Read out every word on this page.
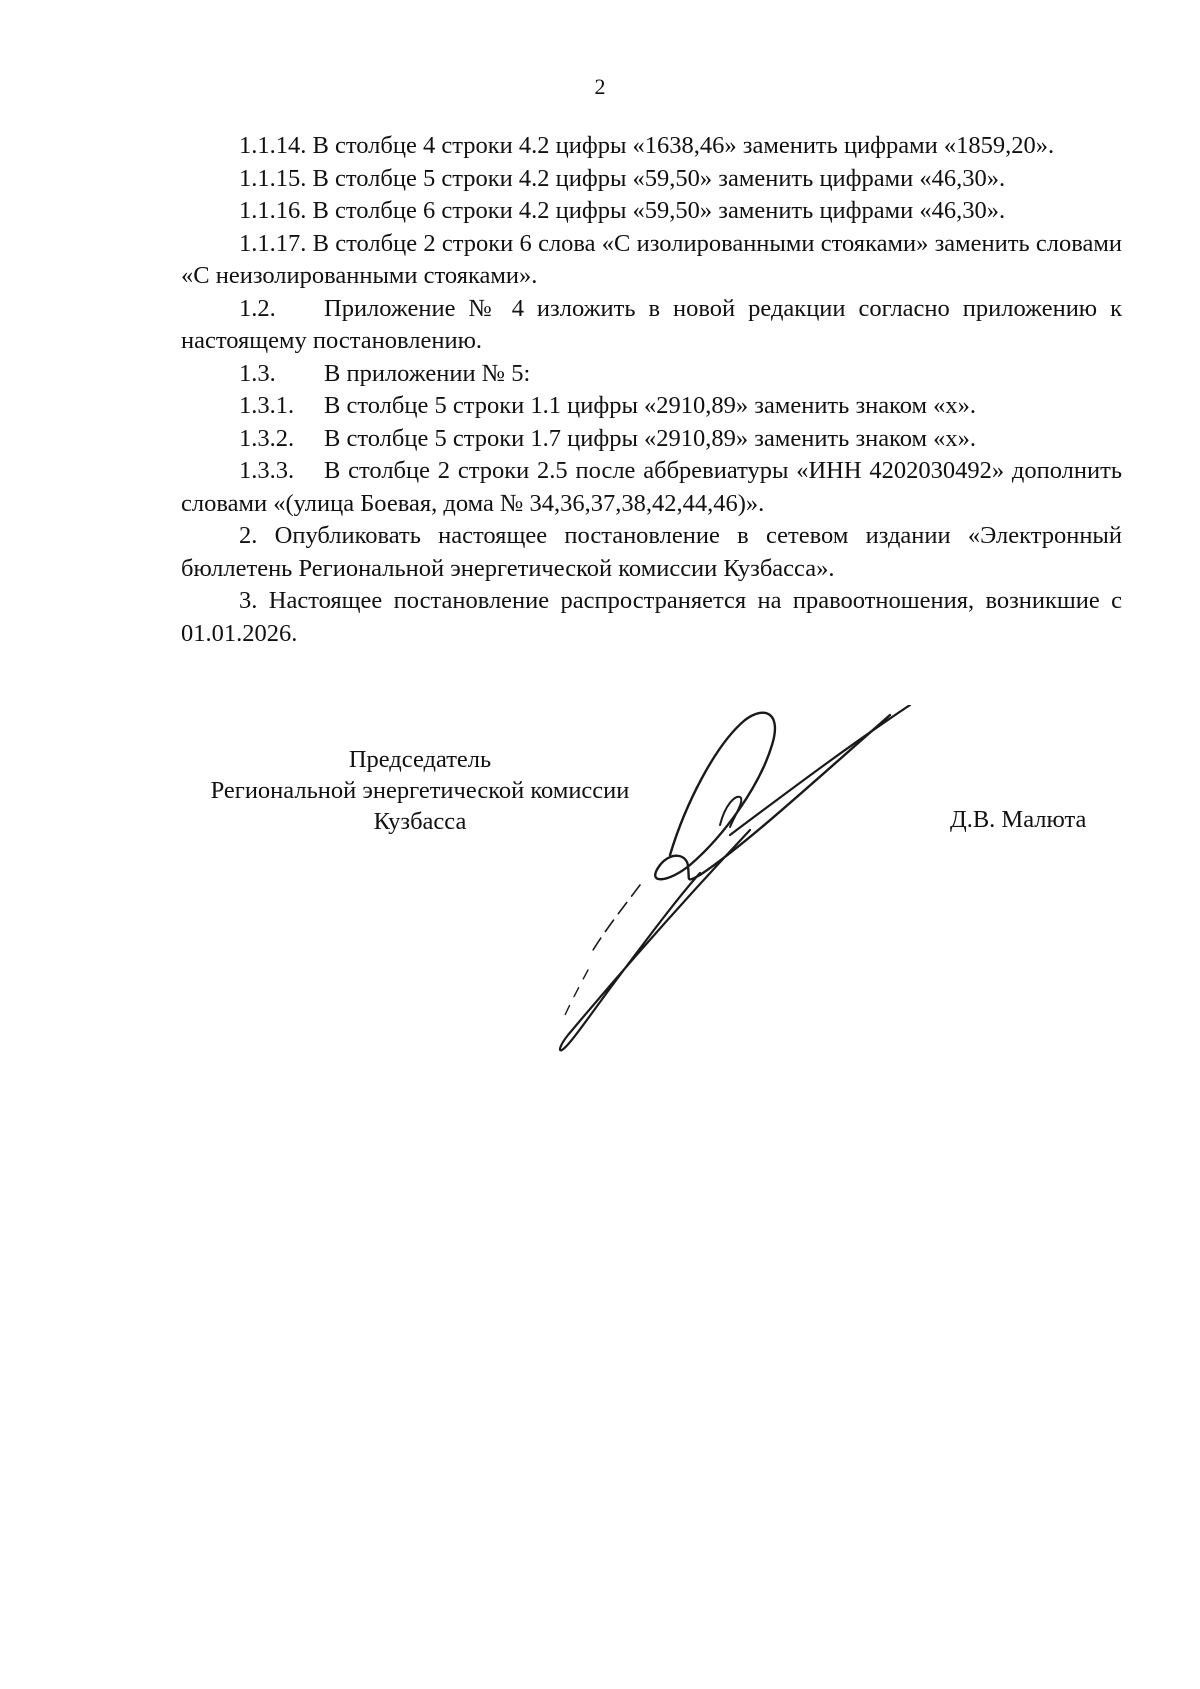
2

1.1.14. В столбце 4 строки 4.2 цифры «1638,46» заменить цифрами «1859,20».

1.1.15. В столбце 5 строки 4.2 цифры «59,50» заменить цифрами «46,30».

1.1.16. В столбце 6 строки 4.2 цифры «59,50» заменить цифрами «46,30».

1.1.17. В столбце 2 строки 6 слова «С изолированными стояками» заменить словами «С неизолированными стояками».

1.2. Приложение № 4 изложить в новой редакции согласно приложению к настоящему постановлению.

1.3. В приложении № 5:

1.3.1. В столбце 5 строки 1.1 цифры «2910,89» заменить знаком «х».

1.3.2. В столбце 5 строки 1.7 цифры «2910,89» заменить знаком «х».

1.3.3. В столбце 2 строки 2.5 после аббревиатуры «ИНН 4202030492» дополнить словами «(улица Боевая, дома № 34,36,37,38,42,44,46)».

2. Опубликовать настоящее постановление в сетевом издании «Электронный бюллетень Региональной энергетической комиссии Кузбасса».

3. Настоящее постановление распространяется на правоотношения, возникшие с 01.01.2026.

Председатель
Региональной энергетической комиссии
Кузбасса	Д.В. Малюта
